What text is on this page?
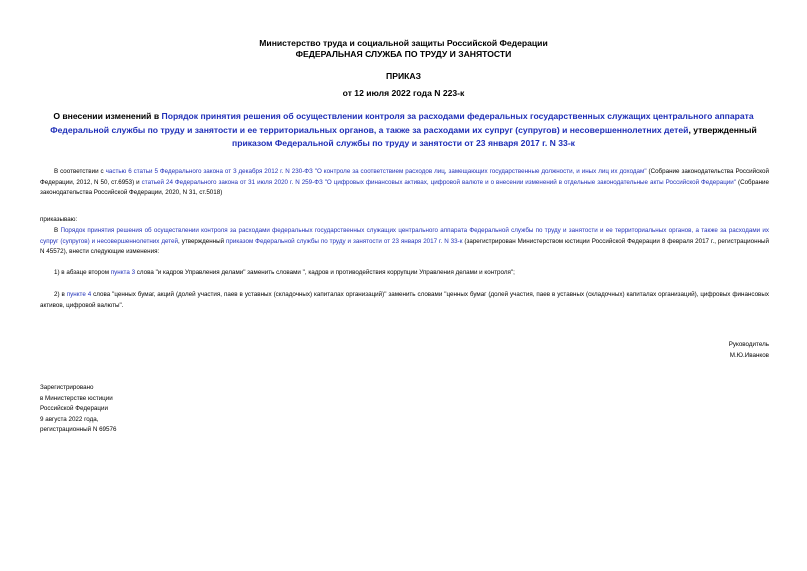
Министерство труда и социальной защиты Российской Федерации
ФЕДЕРАЛЬНАЯ СЛУЖБА ПО ТРУДУ И ЗАНЯТОСТИ
ПРИКАЗ
от 12 июля 2022 года N 223-к
О внесении изменений в Порядок принятия решения об осуществлении контроля за расходами федеральных государственных служащих центрального аппарата Федеральной службы по труду и занятости и ее территориальных органов, а также за расходами их супруг (супругов) и несовершеннолетних детей, утвержденный приказом Федеральной службы по труду и занятости от 23 января 2017 г. N 33-к
В соответствии с частью 6 статьи 5 Федерального закона от 3 декабря 2012 г. N 230-ФЗ "О контроле за соответствием расходов лиц, замещающих государственные должности, и иных лиц их доходам" (Собрание законодательства Российской Федерации, 2012, N 50, ст.6953) и статьей 24 Федерального закона от 31 июля 2020 г. N 259-ФЗ "О цифровых финансовых активах, цифровой валюте и о внесении изменений в отдельные законодательные акты Российской Федерации" (Собрание законодательства Российской Федерации, 2020, N 31, ст.5018)
приказываю:
В Порядок принятия решения об осуществлении контроля за расходами федеральных государственных служащих центрального аппарата Федеральной службы по труду и занятости и ее территориальных органов, а также за расходами их супруг (супругов) и несовершеннолетних детей, утвержденный приказом Федеральной службы по труду и занятости от 23 января 2017 г. N 33-к (зарегистрирован Министерством юстиции Российской Федерации 8 февраля 2017 г., регистрационный N 45572), внести следующие изменения:
1) в абзаце втором пункта 3 слова "и кадров Управления делами" заменить словами ", кадров и противодействия коррупции Управления делами и контроля";
2) в пункте 4 слова "ценных бумаг, акций (долей участия, паев в уставных (складочных) капиталах организаций)" заменить словами "ценных бумаг (долей участия, паев в уставных (складочных) капиталах организаций), цифровых финансовых активов, цифровой валюты".
Руководитель
М.Ю.Иванков
Зарегистрировано
в Министерстве юстиции
Российской Федерации
9 августа 2022 года,
регистрационный N 69576
